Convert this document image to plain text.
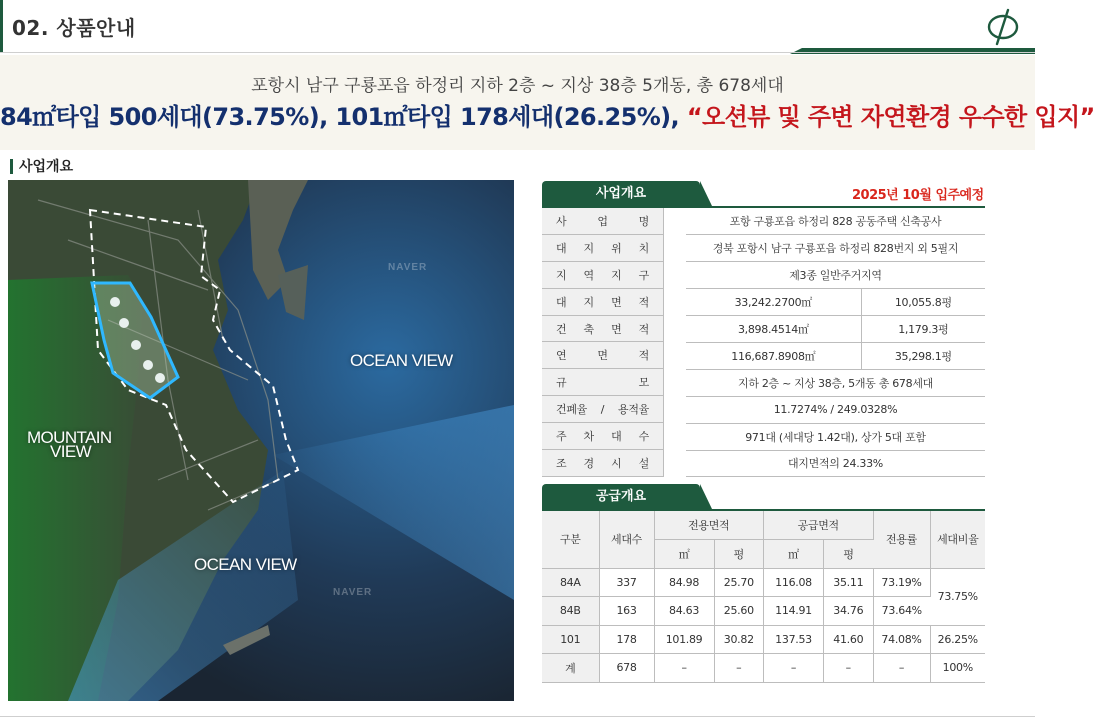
02. 상품안내
포항시 남구 구룡포읍 하정리 지하 2층 ~ 지상 38층 5개동, 총 678세대
84㎡타입 500세대(73.75%), 101㎡타입 178세대(26.25%), “오션뷰 및 주변 자연환경 우수한 입지”
사업개요
NAVER
NAVER
OCEAN VIEW
OCEAN VIEW
MOUNTAIN
VIEW
사업개요	2025년 10월 입주예정
사	업	명	포항 구룡포읍 하정리 828 공동주택 신축공사	

대 지 위 치	경북 포항시 남구 구룡포읍 하정리 828번지 외 5필지	

지 역 지 구	제3종 일반주거지역	

대 지 면 적	33,242.2700㎡	10,055.8평

건 축 면 적	3,898.4514㎡	1,179.3평

연	면	적	116,687.8908㎡	35,298.1평

규	모	지하 2층 ~ 지상 38층, 5개동 총 678세대	

건폐율 / 용적율	11.7274% / 249.0328%	

주 차 대 수	971대 (세대당 1.42대), 상가 5대 포함	

조 경 시 설	대지면적의 24.33%	
공급개요
구분	세대수	전용면적		공급면적		전용률	세대비율
		㎡	평	㎡	평		
84A	337	84.98	25.70	116.08	35.11	73.19%	73.75%
84B	163	84.63	25.60	114.91	34.76	73.64%	
101	178	101.89	30.82	137.53	41.60	74.08%	26.25%
계	678	–	–	–	–	–	100%
